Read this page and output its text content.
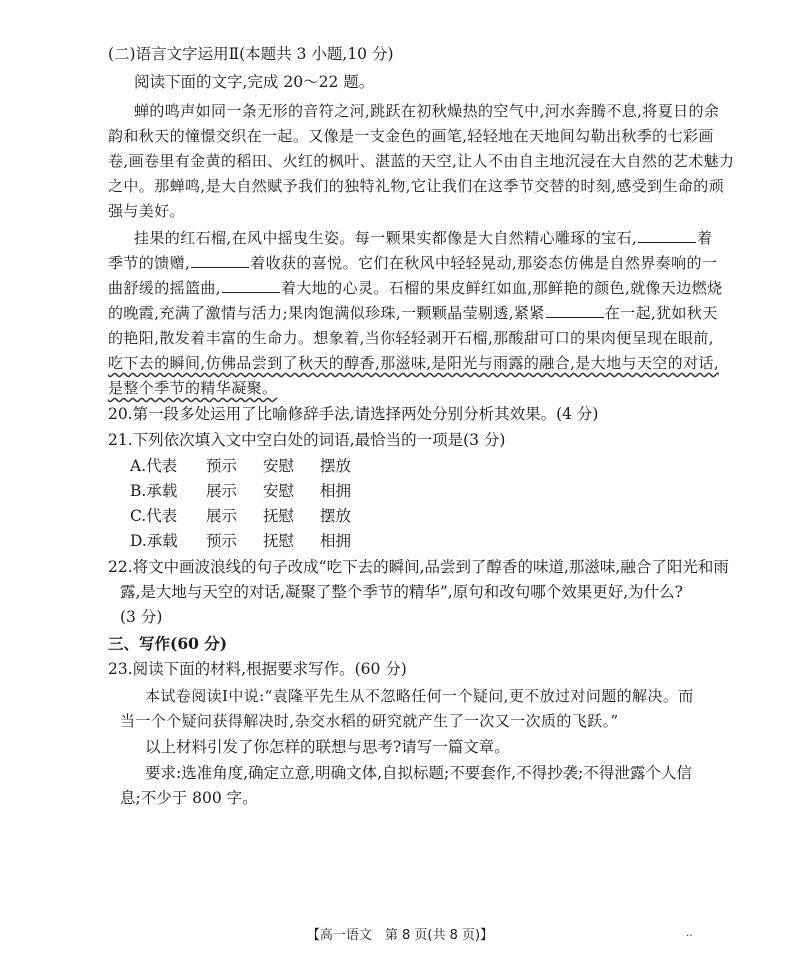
(二)语言文字运用Ⅱ(本题共 3 小题,10 分)
阅读下面的文字,完成 20～22 题。
蝉的鸣声如同一条无形的音符之河,跳跃在初秋燥热的空气中,河水奔腾不息,将夏日的余
韵和秋天的憧憬交织在一起。又像是一支金色的画笔,轻轻地在天地间勾勒出秋季的七彩画
卷,画卷里有金黄的稻田、火红的枫叶、湛蓝的天空,让人不由自主地沉浸在大自然的艺术魅力
之中。那蝉鸣,是大自然赋予我们的独特礼物,它让我们在这季节交替的时刻,感受到生命的顽
强与美好。
挂果的红石榴,在风中摇曳生姿。每一颗果实都像是大自然精心雕琢的宝石,	着
季节的馈赠,	着收获的喜悦。它们在秋风中轻轻晃动,那姿态仿佛是自然界奏响的一
曲舒缓的摇篮曲,	着大地的心灵。石榴的果皮鲜红如血,那鲜艳的颜色,就像天边燃烧
的晚霞,充满了激情与活力;果肉饱满似珍珠,一颗颗晶莹剔透,紧紧	在一起,犹如秋天
的艳阳,散发着丰富的生命力。想象着,当你轻轻剥开石榴,那酸甜可口的果肉便呈现在眼前,
吃下去的瞬间,仿佛品尝到了秋天的醇香,那滋味,是阳光与雨露的融合,是大地与天空的对话,
是整个季节的精华凝聚。
20.第一段多处运用了比喻修辞手法,请选择两处分别分析其效果。(4 分)
21.下列依次填入文中空白处的词语,最恰当的一项是(3 分)
A.代表 预示 安慰 摆放
B.承载 展示 安慰 相拥
C.代表 展示 抚慰 摆放
D.承载 预示 抚慰 相拥
22.将文中画波浪线的句子改成“吃下去的瞬间,品尝到了醇香的味道,那滋味,融合了阳光和雨
露,是大地与天空的对话,凝聚了整个季节的精华”,原句和改句哪个效果更好,为什么?
(3 分)
三、写作(60 分)
23.阅读下面的材料,根据要求写作。(60 分)
本试卷阅读Ⅰ中说:“袁隆平先生从不忽略任何一个疑问,更不放过对问题的解决。而
当一个个疑问获得解决时,杂交水稻的研究就产生了一次又一次质的飞跃。”
以上材料引发了你怎样的联想与思考?请写一篇文章。
要求:选准角度,确定立意,明确文体,自拟标题;不要套作,不得抄袭;不得泄露个人信
息;不少于 800 字。
【高一语文　第 8 页(共 8 页)】	‥
